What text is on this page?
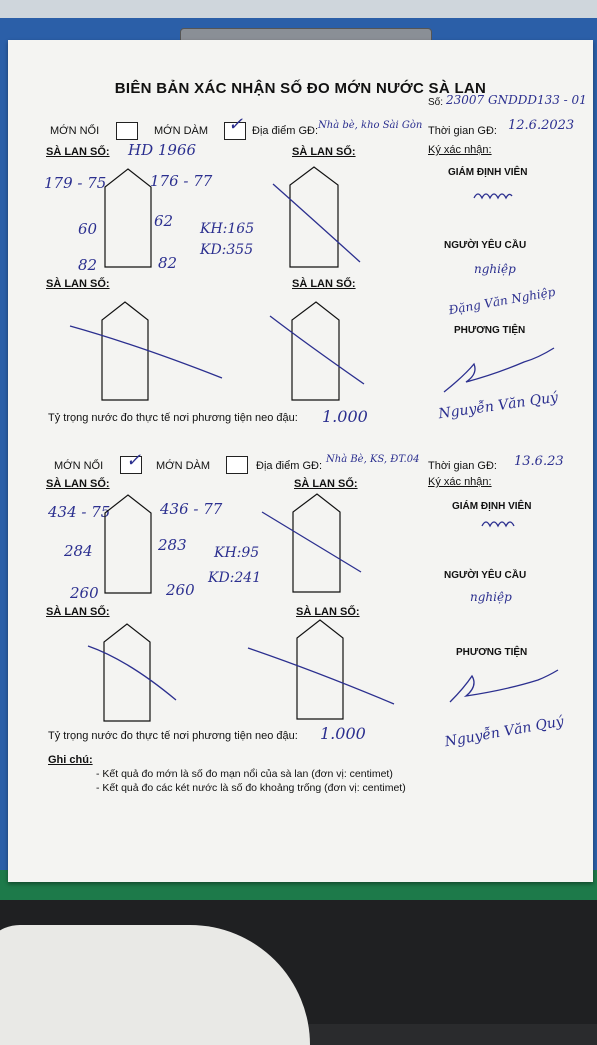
BIÊN BẢN XÁC NHẬN SỐ ĐO MỚN NƯỚC SÀ LAN
Số: 23007 GNDDD133 - 01
MỚN NỔI	MỚN DÀM ✓ Địa điểm GĐ: Nhà bè, kho Sài Gòn Thời gian GĐ: 12.6.2023
SÀ LAN SỐ: HD 1966	SÀ LAN SỐ:	Ký xác nhận:
GIÁM ĐỊNH VIÊN
NGƯỜI YÊU CẦU
nghiệp
Đặng Văn Nghiệp
PHƯƠNG TIỆN
Nguyễn Văn Quý
179 - 75	176 - 77
60	62
82	82
KH:165
KD:355
SÀ LAN SỐ:	SÀ LAN SỐ:
Tỷ trọng nước đo thực tế nơi phương tiện neo đậu: 1.000
MỚN NỔI ✓ MỚN DÀM	Địa điểm GĐ:
Nhà Bè, KS, ĐT.04
Thời gian GĐ: 13.6.23
SÀ LAN SỐ:	SÀ LAN SỐ:	Ký xác nhận:
GIÁM ĐỊNH VIÊN
NGƯỜI YÊU CẦU
nghiệp
PHƯƠNG TIỆN
Nguyễn Văn Quý
434 - 75	436 - 77
284	283
260	260
KH:95
KD:241
SÀ LAN SỐ:	SÀ LAN SỐ:
Tỷ trọng nước đo thực tế nơi phương tiện neo đậu: 1.000
Ghi chú:
- Kết quả đo mớn là số đo mạn nổi của sà lan (đơn vị: centimet)
- Kết quả đo các két nước là số đo khoảng trống (đơn vị: centimet)
